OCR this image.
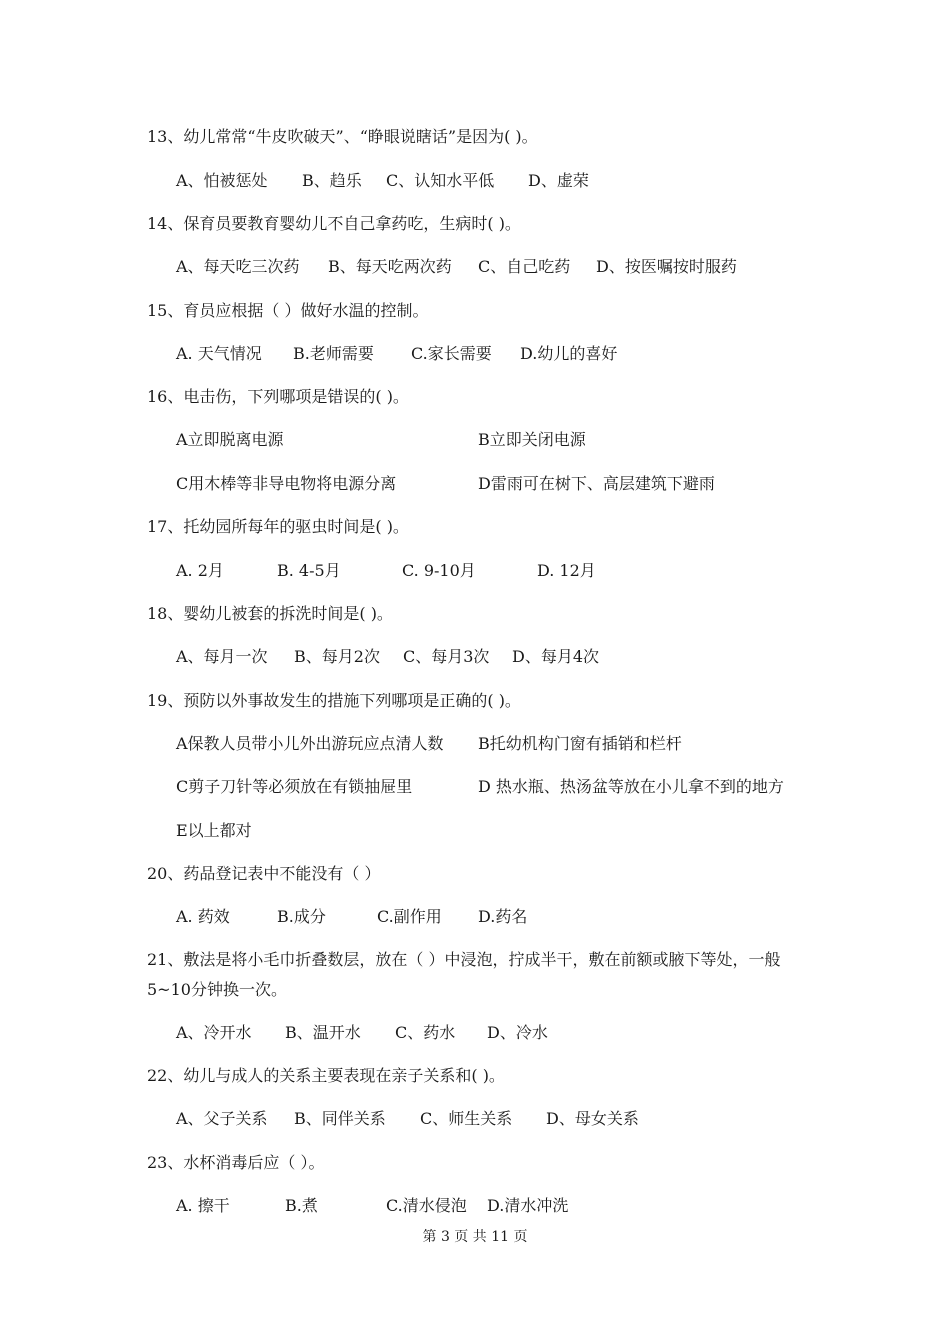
13、幼儿常常“牛皮吹破天”、“睁眼说瞎话”是因为( )。
A、怕被惩处 B、趋乐 C、认知水平低 D、虚荣
14、保育员要教育婴幼儿不自己拿药吃，生病时( )。
A、每天吃三次药 B、每天吃两次药 C、自己吃药 D、按医嘱按时服药
15、育员应根据（ ）做好水温的控制。
A. 天气情况 B.老师需要 C.家长需要 D.幼儿的喜好
16、电击伤，下列哪项是错误的( )。
A立即脱离电源	B立即关闭电源
C用木棒等非导电物将电源分离	D雷雨可在树下、高层建筑下避雨
17、托幼园所每年的驱虫时间是( )。
A. 2月	B. 4-5月	C. 9-10月	D. 12月
18、婴幼儿被套的拆洗时间是( )。
A、每月一次 B、每月2次 C、每月3次 D、每月4次
19、预防以外事故发生的措施下列哪项是正确的( )。
A保教人员带小儿外出游玩应点清人数 B托幼机构门窗有插销和栏杆
C剪子刀针等必须放在有锁抽屉里	D 热水瓶、热汤盆等放在小儿拿不到的地方
E以上都对
20、药品登记表中不能没有（ ）
A. 药效	B.成分	C.副作用 D.药名
21、敷法是将小毛巾折叠数层，放在（ ）中浸泡，拧成半干，敷在前额或腋下等处，一般5~10分钟换一次。
A、冷开水 B、温开水 C、药水 D、冷水
22、幼儿与成人的关系主要表现在亲子关系和( )。
A、父子关系 B、同伴关系 C、师生关系 D、母女关系
23、水杯消毒后应（ ）。
A. 擦干	B.煮	C.清水侵泡 D.清水冲洗
第 3 页 共 11 页
